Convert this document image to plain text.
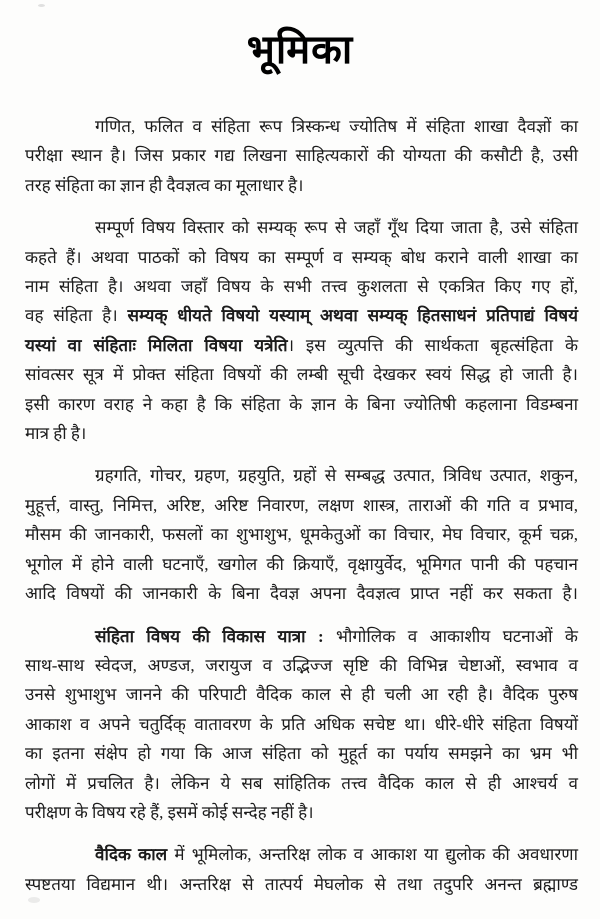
भूमिका
गणित, फलित व संहिता रूप त्रिस्कन्ध ज्योतिष में संहिता शाखा दैवज्ञों का
परीक्षा स्थान है। जिस प्रकार गद्य लिखना साहित्यकारों की योग्यता की कसौटी है, उसी
तरह संहिता का ज्ञान ही दैवज्ञत्व का मूलाधार है।
सम्पूर्ण विषय विस्तार को सम्यक् रूप से जहाँ गूँथ दिया जाता है, उसे संहिता
कहते हैं। अथवा पाठकों को विषय का सम्पूर्ण व सम्यक् बोध कराने वाली शाखा का
नाम संहिता है। अथवा जहाँ विषय के सभी तत्त्व कुशलता से एकत्रित किए गए हों,
वह संहिता है। सम्यक् धीयते विषयो यस्याम् अथवा सम्यक् हितसाधनं प्रतिपाद्यं विषयं
यस्यां वा संहिताः मिलिता विषया यत्रेति। इस व्युत्पत्ति की सार्थकता बृहत्संहिता के
सांवत्सर सूत्र में प्रोक्त संहिता विषयों की लम्बी सूची देखकर स्वयं सिद्ध हो जाती है।
इसी कारण वराह ने कहा है कि संहिता के ज्ञान के बिना ज्योतिषी कहलाना विडम्बना
मात्र ही है।
ग्रहगति, गोचर, ग्रहण, ग्रहयुति, ग्रहों से सम्बद्ध उत्पात, त्रिविध उत्पात, शकुन,
मुहूर्त्त, वास्तु, निमित्त, अरिष्ट, अरिष्ट निवारण, लक्षण शास्त्र, ताराओं की गति व प्रभाव,
मौसम की जानकारी, फसलों का शुभाशुभ, धूमकेतुओं का विचार, मेघ विचार, कूर्म चक्र,
भूगोल में होने वाली घटनाएँ, खगोल की क्रियाएँ, वृक्षायुर्वेद, भूमिगत पानी की पहचान
आदि विषयों की जानकारी के बिना दैवज्ञ अपना दैवज्ञत्व प्राप्त नहीं कर सकता है।
संहिता विषय की विकास यात्रा : भौगोलिक व आकाशीय घटनाओं के
साथ-साथ स्वेदज, अण्डज, जरायुज व उद्भिज्ज सृष्टि की विभिन्न चेष्टाओं, स्वभाव व
उनसे शुभाशुभ जानने की परिपाटी वैदिक काल से ही चली आ रही है। वैदिक पुरुष
आकाश व अपने चतुर्दिक् वातावरण के प्रति अधिक सचेष्ट था। धीरे-धीरे संहिता विषयों
का इतना संक्षेप हो गया कि आज संहिता को मुहूर्त का पर्याय समझने का भ्रम भी
लोगों में प्रचलित है। लेकिन ये सब सांहितिक तत्त्व वैदिक काल से ही आश्चर्य व
परीक्षण के विषय रहे हैं, इसमें कोई सन्देह नहीं है।
वैदिक काल में भूमिलोक, अन्तरिक्ष लोक व आकाश या द्युलोक की अवधारणा
स्पष्टतया विद्यमान थी। अन्तरिक्ष से तात्पर्य मेघलोक से तथा तदुपरि अनन्त ब्रह्माण्ड
